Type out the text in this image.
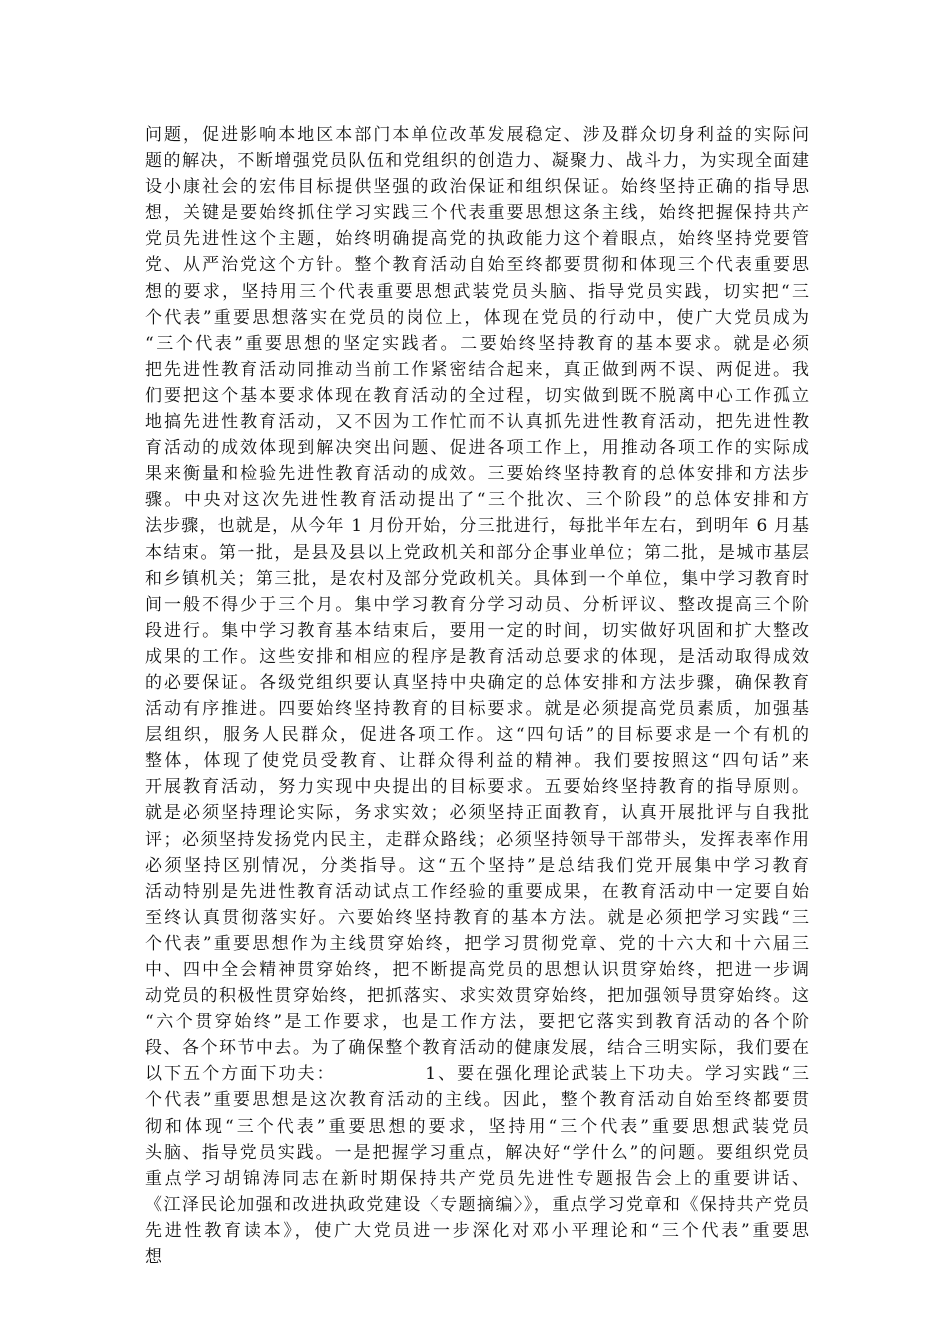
问题，促进影响本地区本部门本单位改革发展稳定、涉及群众切身利益的实际问
题的解决，不断增强党员队伍和党组织的创造力、凝聚力、战斗力，为实现全面建
设小康社会的宏伟目标提供坚强的政治保证和组织保证。始终坚持正确的指导思
想，关键是要始终抓住学习实践三个代表重要思想这条主线，始终把握保持共产
党员先进性这个主题，始终明确提高党的执政能力这个着眼点，始终坚持党要管
党、从严治党这个方针。整个教育活动自始至终都要贯彻和体现三个代表重要思
想的要求，坚持用三个代表重要思想武装党员头脑、指导党员实践，切实把“三
个代表”重要思想落实在党员的岗位上，体现在党员的行动中，使广大党员成为
“三个代表”重要思想的坚定实践者。二要始终坚持教育的基本要求。就是必须
把先进性教育活动同推动当前工作紧密结合起来，真正做到两不误、两促进。我
们要把这个基本要求体现在教育活动的全过程，切实做到既不脱离中心工作孤立
地搞先进性教育活动，又不因为工作忙而不认真抓先进性教育活动，把先进性教
育活动的成效体现到解决突出问题、促进各项工作上，用推动各项工作的实际成
果来衡量和检验先进性教育活动的成效。三要始终坚持教育的总体安排和方法步
骤。中央对这次先进性教育活动提出了“三个批次、三个阶段”的总体安排和方
法步骤，也就是，从今年 1 月份开始，分三批进行，每批半年左右，到明年 6 月基
本结束。第一批，是县及县以上党政机关和部分企事业单位；第二批，是城市基层
和乡镇机关；第三批，是农村及部分党政机关。具体到一个单位，集中学习教育时
间一般不得少于三个月。集中学习教育分学习动员、分析评议、整改提高三个阶
段进行。集中学习教育基本结束后，要用一定的时间，切实做好巩固和扩大整改
成果的工作。这些安排和相应的程序是教育活动总要求的体现，是活动取得成效
的必要保证。各级党组织要认真坚持中央确定的总体安排和方法步骤，确保教育
活动有序推进。四要始终坚持教育的目标要求。就是必须提高党员素质，加强基
层组织，服务人民群众，促进各项工作。这“四句话”的目标要求是一个有机的
整体，体现了使党员受教育、让群众得利益的精神。我们要按照这“四句话”来
开展教育活动，努力实现中央提出的目标要求。五要始终坚持教育的指导原则。
就是必须坚持理论实际，务求实效；必须坚持正面教育，认真开展批评与自我批
评；必须坚持发扬党内民主，走群众路线；必须坚持领导干部带头，发挥表率作用
必须坚持区别情况，分类指导。这“五个坚持”是总结我们党开展集中学习教育
活动特别是先进性教育活动试点工作经验的重要成果，在教育活动中一定要自始
至终认真贯彻落实好。六要始终坚持教育的基本方法。就是必须把学习实践“三
个代表”重要思想作为主线贯穿始终，把学习贯彻党章、党的十六大和十六届三
中、四中全会精神贯穿始终，把不断提高党员的思想认识贯穿始终，把进一步调
动党员的积极性贯穿始终，把抓落实、求实效贯穿始终，把加强领导贯穿始终。这
“六个贯穿始终”是工作要求，也是工作方法，要把它落实到教育活动的各个阶
段、各个环节中去。为了确保整个教育活动的健康发展，结合三明实际，我们要在
以下五个方面下功夫：            1、要在强化理论武装上下功夫。学习实践“三
个代表”重要思想是这次教育活动的主线。因此，整个教育活动自始至终都要贯
彻和体现“三个代表”重要思想的要求，坚持用“三个代表”重要思想武装党员
头脑、指导党员实践。一是把握学习重点，解决好“学什么”的问题。要组织党员
重点学习胡锦涛同志在新时期保持共产党员先进性专题报告会上的重要讲话、
《江泽民论加强和改进执政党建设〈专题摘编〉》，重点学习党章和《保持共产党员
先进性教育读本》，使广大党员进一步深化对邓小平理论和“三个代表”重要思
想
